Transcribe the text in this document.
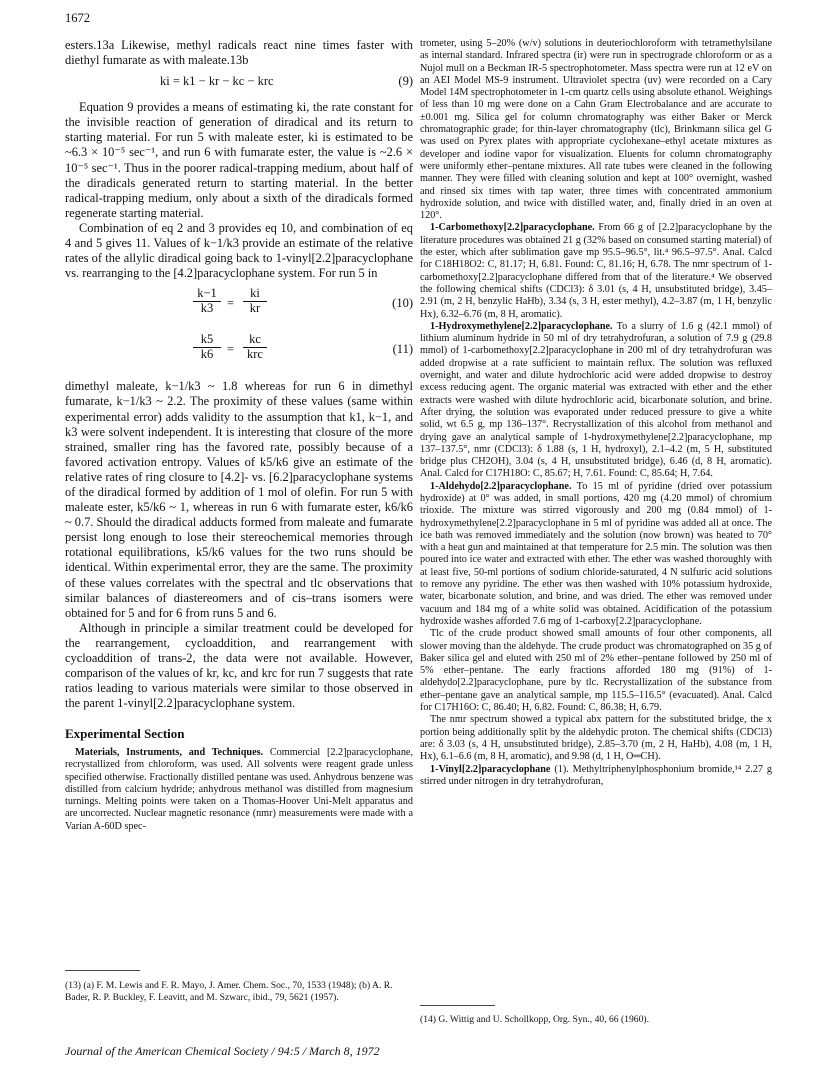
1672

esters.13a Likewise, methyl radicals react nine times faster with diethyl fumarate as with maleate.13b

ki = k1 − kr − kc − krc	(9)

Equation 9 provides a means of estimating ki, the rate constant for the invisible reaction of generation of diradical and its return to starting material. For run 5 with maleate ester, ki is estimated to be ~6.3 × 10⁻⁵ sec⁻¹, and run 6 with fumarate ester, the value is ~2.6 × 10⁻⁵ sec⁻¹. Thus in the poorer radical-trapping medium, about half of the diradicals generated return to starting material. In the better radical-trapping medium, only about a sixth of the diradicals formed regenerate starting material.

Combination of eq 2 and 3 provides eq 10, and combination of eq 4 and 5 gives 11. Values of k−1/k3 provide an estimate of the relative rates of the allylic diradical going back to 1-vinyl[2.2]paracyclophane vs. rearranging to the [4.2]paracyclophane system. For run 5 in

$\frac{k-1}{k3} = \frac{ki}{kr}$	(10)
$\frac{k5}{k6}$ =
kc
krc	(11)

dimethyl maleate, k−1/k3 ~ 1.8 whereas for run 6 in dimethyl fumarate, k−1/k3 ~ 2.2. The proximity of these values (same within experimental error) adds validity to the assumption that k1, k−1, and k3 were solvent independent. It is interesting that closure of the more strained, smaller ring has the favored rate, possibly because of a favored activation entropy. Values of k5/k6 give an estimate of the relative rates of ring closure to [4.2]- vs. [6.2]paracyclophane systems of the diradical formed by addition of 1 mol of olefin. For run 5 with maleate ester, k5/k6 ~ 1, whereas in run 6 with fumarate ester, k6/k6 ~ 0.7. Should the diradical adducts formed from maleate and fumarate persist long enough to lose their stereochemical memories through rotational equilibrations, k5/k6 values for the two runs should be identical. Within experimental error, they are the same. The proximity of these values correlates with the spectral and tlc observations that similar balances of diastereomers and of cis–trans isomers were obtained for 5 and for 6 from runs 5 and 6.

Although in principle a similar treatment could be developed for the rearrangement, cycloaddition, and rearrangement with cycloaddition of trans-2, the data were not available. However, comparison of the values of kr, kc, and krc for run 7 suggests that rate ratios leading to various materials were similar to those observed in the parent 1-vinyl[2.2]paracyclophane system.

Experimental Section

Materials, Instruments, and Techniques. Commercial [2.2]paracyclophane, recrystallized from chloroform, was used. All solvents were reagent grade unless specified otherwise. Fractionally distilled pentane was used. Anhydrous benzene was distilled from calcium hydride; anhydrous methanol was distilled from magnesium turnings. Melting points were taken on a Thomas-Hoover Uni-Melt apparatus and are uncorrected. Nuclear magnetic resonance (nmr) measurements were made with a Varian A-60D spec-

trometer, using 5–20% (w/v) solutions in deuteriochloroform with tetramethylsilane as internal standard. Infrared spectra (ir) were run in spectrograde chloroform or as a Nujol mull on a Beckman IR-5 spectrophotometer. Mass spectra were run at 12 eV on an AEI Model MS-9 instrument. Ultraviolet spectra (uv) were recorded on a Cary Model 14M spectrophotometer in 1-cm quartz cells using absolute ethanol. Weighings of less than 10 mg were done on a Cahn Gram Electrobalance and are accurate to ±0.001 mg. Silica gel for column chromatography was either Baker or Merck chromatographic grade; for thin-layer chromatography (tlc), Brinkmann silica gel G was used on Pyrex plates with appropriate cyclohexane–ethyl acetate mixtures as developer and iodine vapor for visualization. Eluents for column chromatography were uniformly ether–pentane mixtures. All rate tubes were cleaned in the following manner. They were filled with cleaning solution and kept at 100° overnight, washed and rinsed six times with tap water, three times with concentrated ammonium hydroxide solution, and twice with distilled water, and, finally dried in an oven at 120°.

1-Carbomethoxy[2.2]paracyclophane. From 66 g of [2.2]paracyclophane by the literature procedures was obtained 21 g (32% based on consumed starting material) of the ester, which after sublimation gave mp 95.5–96.5°, lit.⁴ 96.5–97.5°. Anal. Calcd for C18H18O2: C, 81.17; H, 6.81. Found: C, 81.16; H, 6.78. The nmr spectrum of 1-carbomethoxy[2.2]paracyclophane differed from that of the literature.⁴ We observed the following chemical shifts (CDCl3): δ 3.01 (s, 4 H, unsubstituted bridge), 3.45–2.91 (m, 2 H, benzylic HaHb), 3.34 (s, 3 H, ester methyl), 4.2–3.87 (m, 1 H, benzylic Hx), 6.32–6.76 (m, 8 H, aromatic).

1-Hydroxymethylene[2.2]paracyclophane. To a slurry of 1.6 g (42.1 mmol) of lithium aluminum hydride in 50 ml of dry tetrahydrofuran, a solution of 7.9 g (29.8 mmol) of 1-carbomethoxy[2.2]paracyclophane in 200 ml of dry tetrahydrofuran was added dropwise at a rate sufficient to maintain reflux. The solution was refluxed overnight, and water and dilute hydrochloric acid were added dropwise to destroy excess reducing agent. The organic material was extracted with ether and the ether extracts were washed with dilute hydrochloric acid, bicarbonate solution, and brine. After drying, the solution was evaporated under reduced pressure to give a white solid, wt 6.5 g, mp 136–137°. Recrystallization of this alcohol from methanol and drying gave an analytical sample of 1-hydroxymethylene[2.2]paracyclophane, mp 137–137.5°, nmr (CDCl3): δ 1.88 (s, 1 H, hydroxyl), 2.1–4.2 (m, 5 H, substituted bridge plus CH2OH), 3.04 (s, 4 H, unsubstituted bridge), 6.46 (d, 8 H, aromatic). Anal. Calcd for C17H18O: C, 85.67; H, 7.61. Found: C, 85.64; H, 7.64.

1-Aldehydo[2.2]paracyclophane. To 15 ml of pyridine (dried over potassium hydroxide) at 0° was added, in small portions, 420 mg (4.20 mmol) of chromium trioxide. The mixture was stirred vigorously and 200 mg (0.84 mmol) of 1-hydroxymethylene[2.2]paracyclophane in 5 ml of pyridine was added all at once. The ice bath was removed immediately and the solution (now brown) was heated to 70° with a heat gun and maintained at that temperature for 2.5 min. The solution was then poured into ice water and extracted with ether. The ether was washed thoroughly with at least five, 50-ml portions of sodium chloride-saturated, 4 N sulfuric acid solutions to remove any pyridine. The ether was then washed with 10% potassium hydroxide, water, bicarbonate solution, and brine, and was dried. The ether was removed under vacuum and 184 mg of a white solid was obtained. Acidification of the potassium hydroxide washes afforded 7.6 mg of 1-carboxy[2.2]paracyclophane.

Tlc of the crude product showed small amounts of four other components, all slower moving than the aldehyde. The crude product was chromatographed on 35 g of Baker silica gel and eluted with 250 ml of 2% ether–pentane followed by 250 ml of 5% ether–pentane. The early fractions afforded 180 mg (91%) of 1-aldehydo[2.2]paracyclophane, pure by tlc. Recrystallization of the substance from ether–pentane gave an analytical sample, mp 115.5–116.5° (evacuated). Anal. Calcd for C17H16O: C, 86.40; H, 6.82. Found: C, 86.38; H, 6.79.

The nmr spectrum showed a typical abx pattern for the substituted bridge, the x portion being additionally split by the aldehydic proton. The chemical shifts (CDCl3) are: δ 3.03 (s, 4 H, unsubstituted bridge), 2.85–3.70 (m, 2 H, HaHb), 4.08 (m, 1 H, Hx), 6.1–6.6 (m, 8 H, aromatic), and 9.98 (d, 1 H, O═CH).

1-Vinyl[2.2]paracyclophane (1). Methyltriphenylphosphonium bromide,¹⁴ 2.27 g stirred under nitrogen in dry tetrahydrofuran,

(13) (a) F. M. Lewis and F. R. Mayo, J. Amer. Chem. Soc., 70, 1533 (1948); (b) A. R. Bader, R. P. Buckley, F. Leavitt, and M. Szwarc, ibid., 79, 5621 (1957).
(14) G. Wittig and U. Schollkopp, Org. Syn., 40, 66 (1960).
Journal of the American Chemical Society / 94:5 / March 8, 1972
